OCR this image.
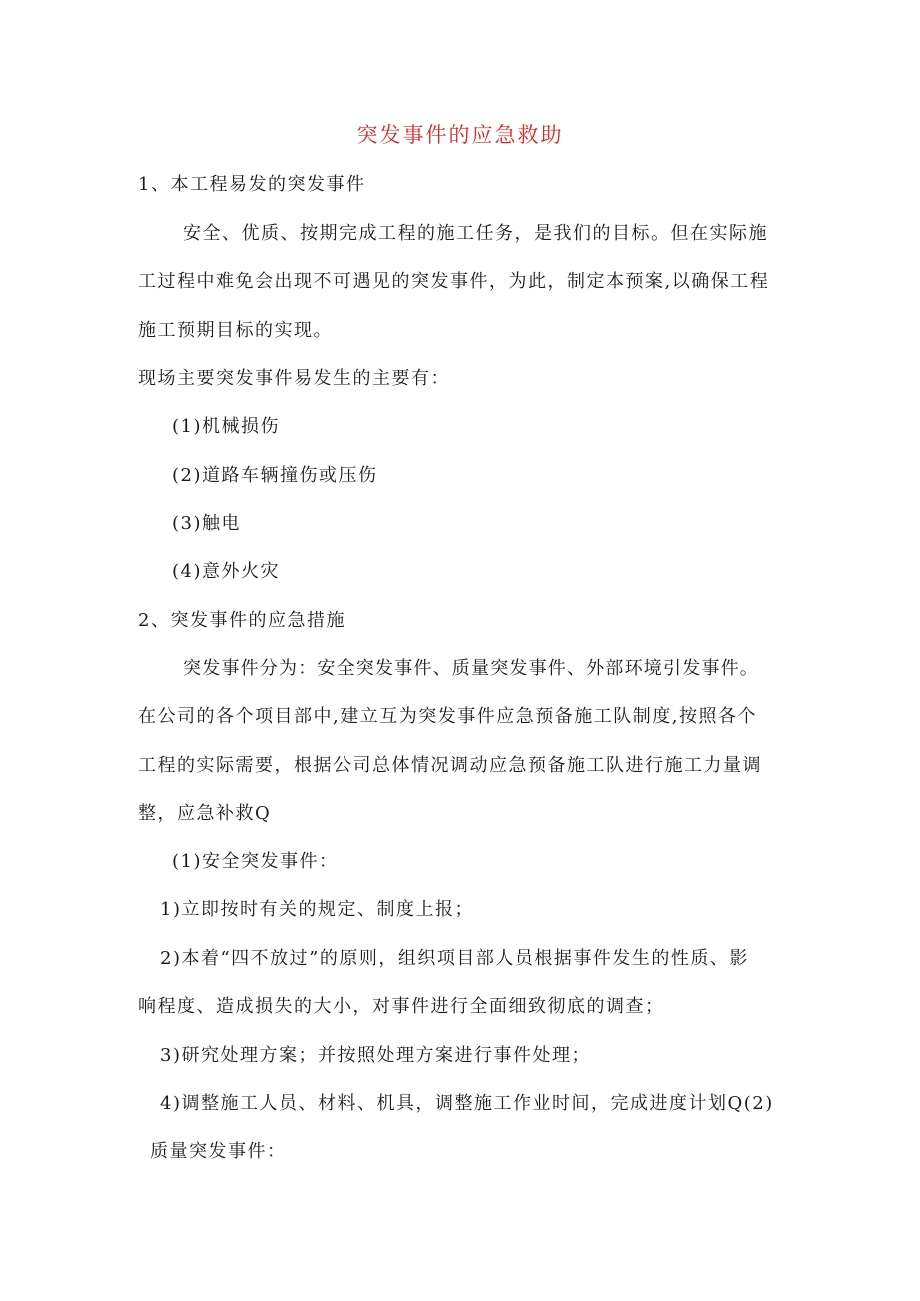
突发事件的应急救助
1、本工程易发的突发事件
安全、优质、按期完成工程的施工任务，是我们的目标。但在实际施
工过程中难免会出现不可遇见的突发事件，为此，制定本预案,以确保工程
施工预期目标的实现。
现场主要突发事件易发生的主要有：
(1)机械损伤
(2)道路车辆撞伤或压伤
(3)触电
(4)意外火灾
2、突发事件的应急措施
突发事件分为：安全突发事件、质量突发事件、外部环境引发事件。
在公司的各个项目部中,建立互为突发事件应急预备施工队制度,按照各个
工程的实际需要，根据公司总体情况调动应急预备施工队进行施工力量调
整，应急补救Q
(1)安全突发事件：
1)立即按时有关的规定、制度上报；
2)本着“四不放过”的原则，组织项目部人员根据事件发生的性质、影
响程度、造成损失的大小，对事件进行全面细致彻底的调查；
3)研究处理方案；并按照处理方案进行事件处理；
4)调整施工人员、材料、机具，调整施工作业时间，完成进度计划Q(2)
质量突发事件：
